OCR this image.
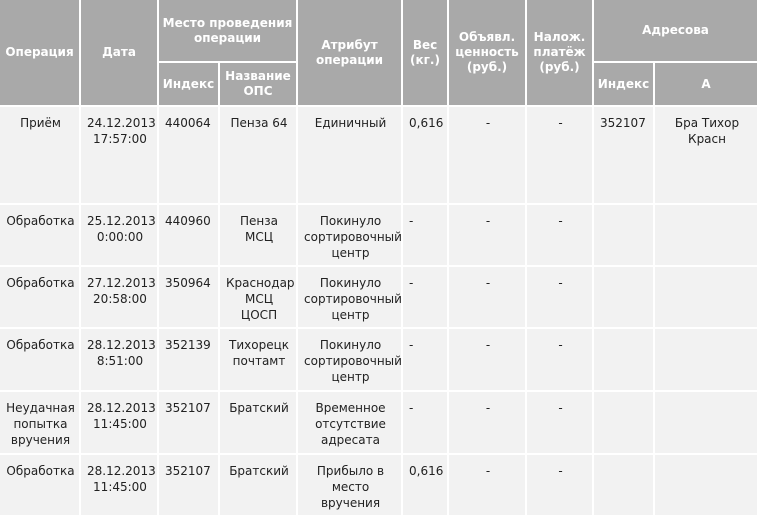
Операция	Дата	Место проведения операции		Атрибут операции	Вес (кг.)	Объявл. ценность (руб.)	Налож. платёж (руб.)	Адресова	
		Индекс	Название ОПС					Индекс	А
Приём	24.12.2013 17:57:00	440064	Пенза 64	Единичный	0,616	-	-	352107	Бра Тихор Красн
Обработка	25.12.2013 0:00:00	440960	Пенза МСЦ	Покинуло сортировочный центр	-	-	-		
Обработка	27.12.2013 20:58:00	350964	Краснодар МСЦ ЦОСП	Покинуло сортировочный центр	-	-	-		
Обработка	28.12.2013 8:51:00	352139	Тихорецк почтамт	Покинуло сортировочный центр	-	-	-		
Неудачная попытка вручения	28.12.2013 11:45:00	352107	Братский	Временное отсутствие адресата	-	-	-		
Обработка	28.12.2013 11:45:00	352107	Братский	Прибыло в место вручения	0,616	-	-		
